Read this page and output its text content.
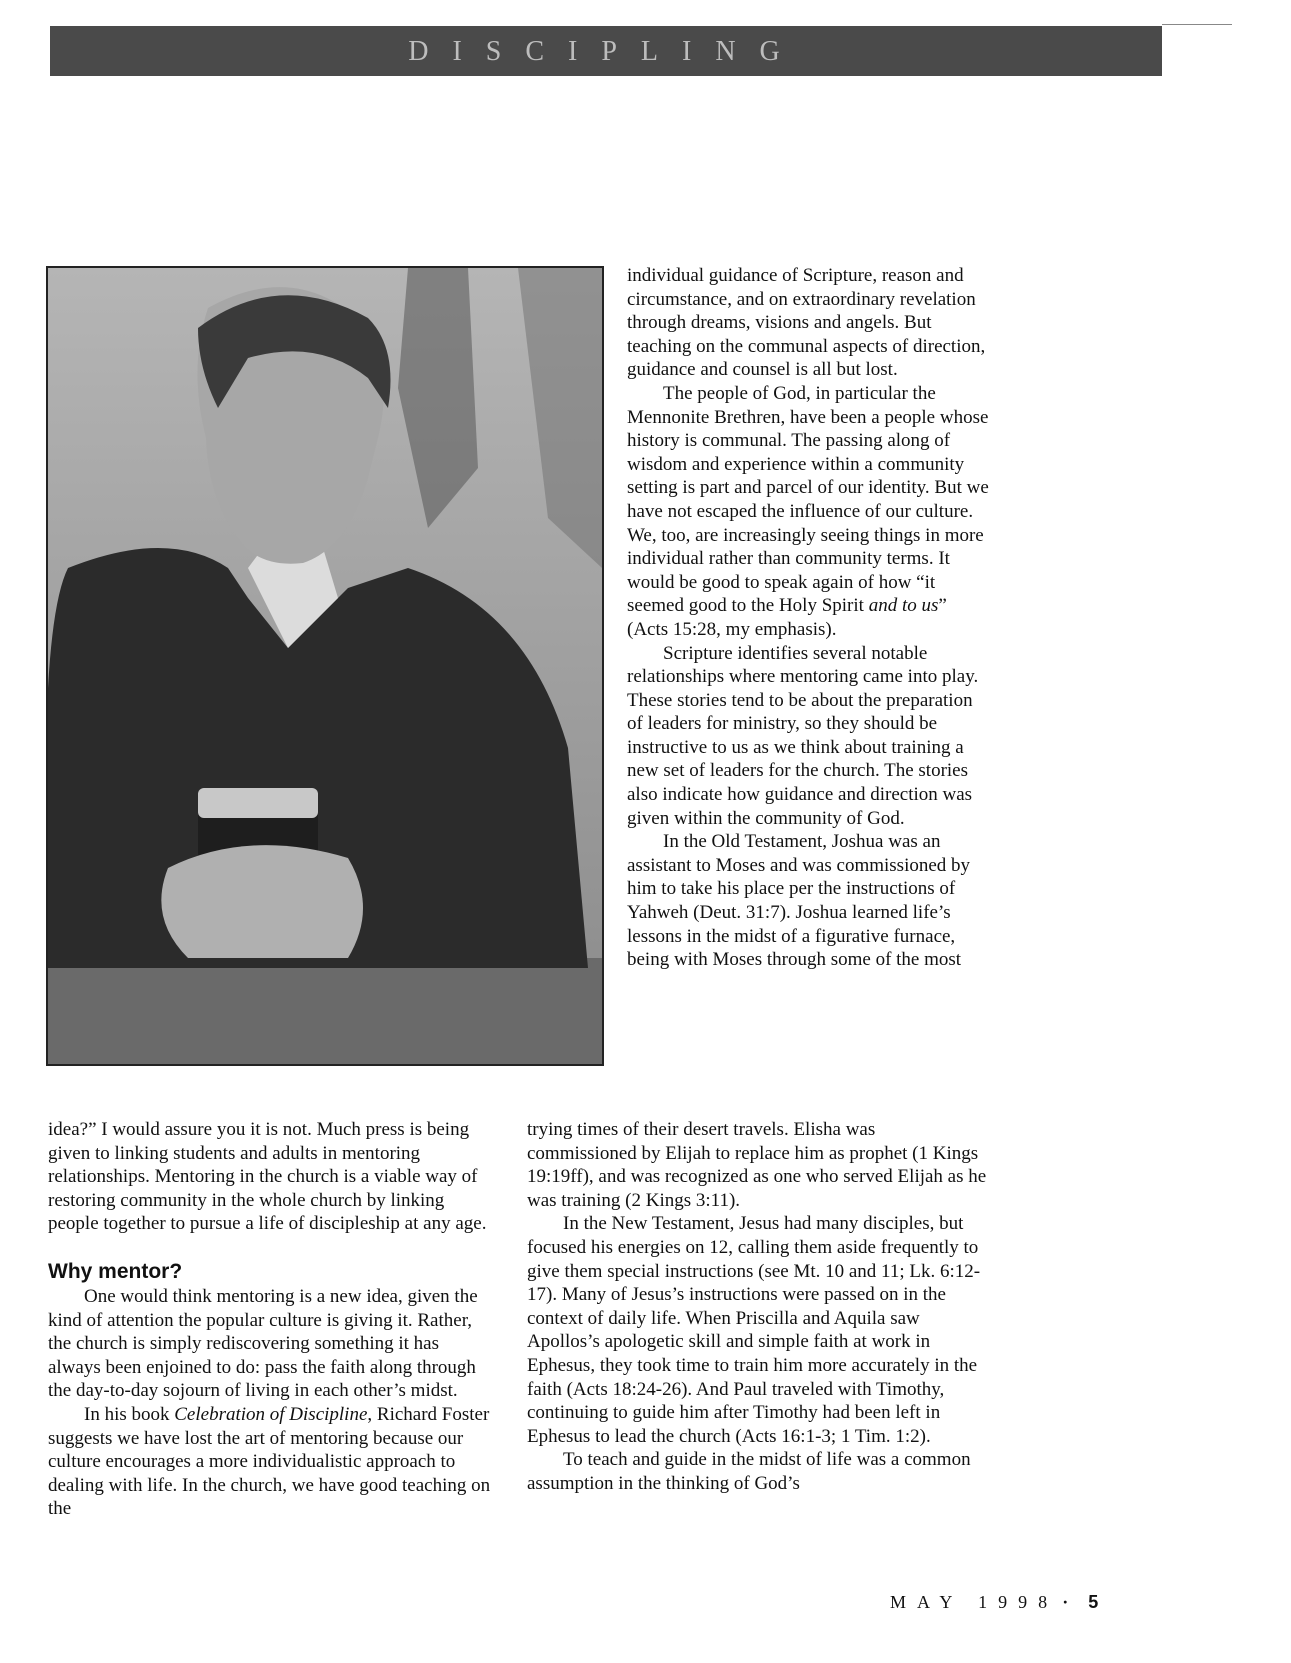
DISCIPLING

individual guidance of Scripture, reason and circumstance, and on extraordinary revelation through dreams, visions and angels. But teaching on the communal aspects of direction, guidance and counsel is all but lost.

The people of God, in particular the Mennonite Brethren, have been a people whose history is communal. The passing along of wisdom and experience within a community setting is part and parcel of our identity. But we have not escaped the influence of our culture. We, too, are increasingly seeing things in more individual rather than community terms. It would be good to speak again of how “it seemed good to the Holy Spirit and to us” (Acts 15:28, my emphasis).

Scripture identifies several notable relationships where mentoring came into play. These stories tend to be about the preparation of leaders for ministry, so they should be instructive to us as we think about training a new set of leaders for the church. The stories also indicate how guidance and direction was given within the community of God.

In the Old Testament, Joshua was an assistant to Moses and was commissioned by him to take his place per the instructions of Yahweh (Deut. 31:7). Joshua learned life’s lessons in the midst of a figurative furnace, being with Moses through some of the most

trying times of their desert travels. Elisha was commissioned by Elijah to replace him as prophet (1 Kings 19:19ff), and was recognized as one who served Elijah as he was training (2 Kings 3:11).

In the New Testament, Jesus had many disciples, but focused his energies on 12, calling them aside frequently to give them special instructions (see Mt. 10 and 11; Lk. 6:12-17). Many of Jesus’s instructions were passed on in the context of daily life. When Priscilla and Aquila saw Apollos’s apologetic skill and simple faith at work in Ephesus, they took time to train him more accurately in the faith (Acts 18:24-26). And Paul traveled with Timothy, continuing to guide him after Timothy had been left in Ephesus to lead the church (Acts 16:1-3; 1 Tim. 1:2).

To teach and guide in the midst of life was a common assumption in the thinking of God’s

idea?” I would assure you it is not. Much press is being given to linking students and adults in mentoring relationships. Mentoring in the church is a viable way of restoring community in the whole church by linking people together to pursue a life of discipleship at any age.

Why mentor?

One would think mentoring is a new idea, given the kind of attention the popular culture is giving it. Rather, the church is simply rediscovering something it has always been enjoined to do: pass the faith along through the day-to-day sojourn of living in each other’s midst.

In his book Celebration of Discipline, Richard Foster suggests we have lost the art of mentoring because our culture encourages a more individualistic approach to dealing with life. In the church, we have good teaching on the

MAY 1998 · 5
